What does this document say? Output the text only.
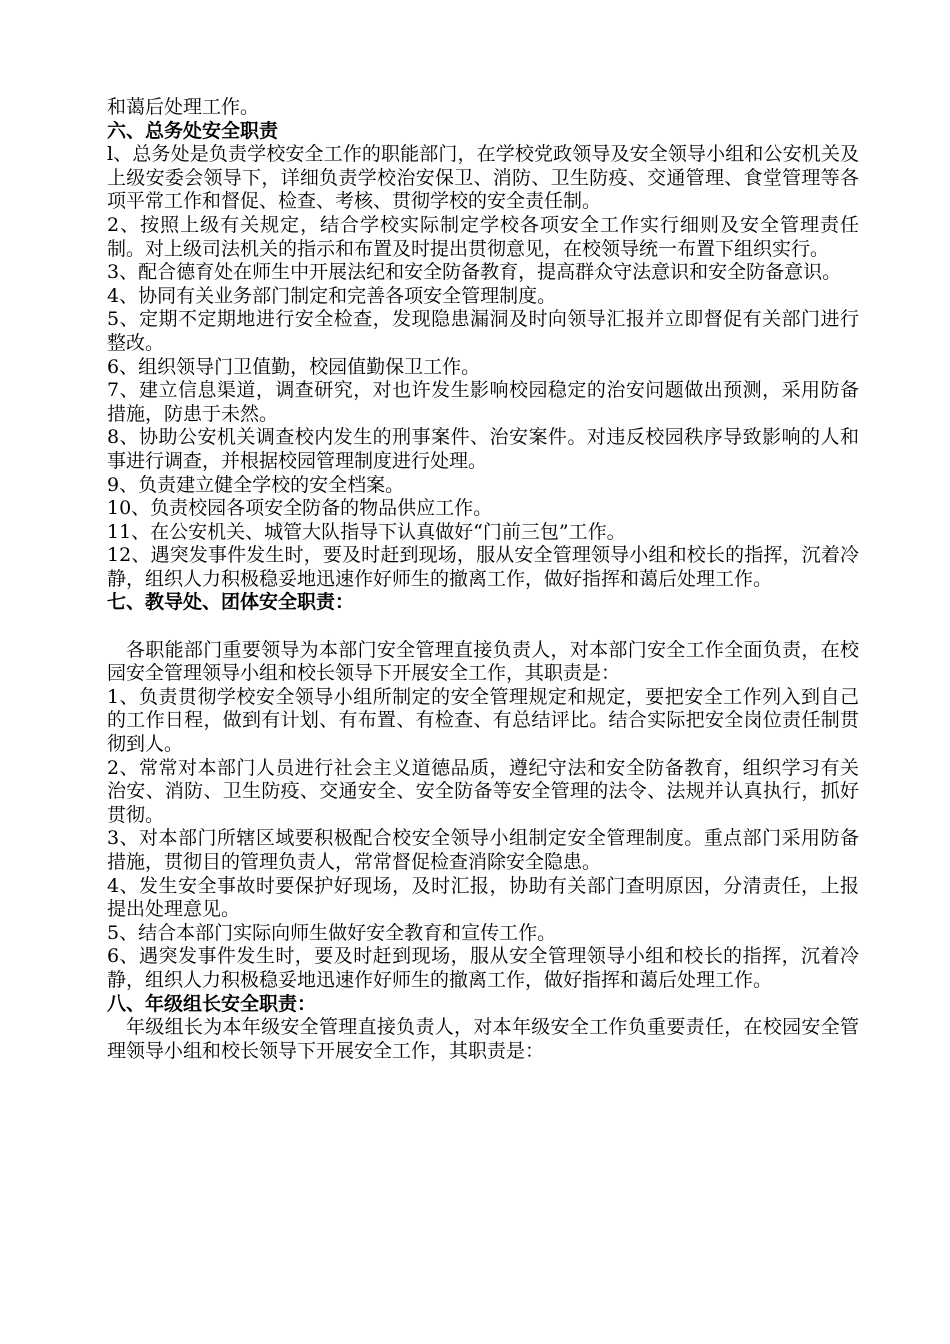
和蔼后处理工作。

六、总务处安全职责

l、总务处是负责学校安全工作的职能部门，在学校党政领导及安全领导小组和公安机关及上级安委会领导下，详细负责学校治安保卫、消防、卫生防疫、交通管理、食堂管理等各项平常工作和督促、检查、考核、贯彻学校的安全责任制。

2、按照上级有关规定，结合学校实际制定学校各项安全工作实行细则及安全管理责任制。对上级司法机关的指示和布置及时提出贯彻意见，在校领导统一布置下组织实行。

3、配合德育处在师生中开展法纪和安全防备教育，提高群众守法意识和安全防备意识。

4、协同有关业务部门制定和完善各项安全管理制度。

5、定期不定期地进行安全检查，发现隐患漏洞及时向领导汇报并立即督促有关部门进行整改。

6、组织领导门卫值勤，校园值勤保卫工作。

7、建立信息渠道，调查研究，对也许发生影响校园稳定的治安问题做出预测，采用防备措施，防患于未然。

8、协助公安机关调查校内发生的刑事案件、治安案件。对违反校园秩序导致影响的人和事进行调查，并根据校园管理制度进行处理。

9、负责建立健全学校的安全档案。

10、负责校园各项安全防备的物品供应工作。

11、在公安机关、城管大队指导下认真做好“门前三包”工作。

12、遇突发事件发生时，要及时赶到现场，服从安全管理领导小组和校长的指挥，沉着冷静，组织人力积极稳妥地迅速作好师生的撤离工作，做好指挥和蔼后处理工作。

七、教导处、团体安全职责：

各职能部门重要领导为本部门安全管理直接负责人，对本部门安全工作全面负责，在校园安全管理领导小组和校长领导下开展安全工作，其职责是：

1、负责贯彻学校安全领导小组所制定的安全管理规定和规定，要把安全工作列入到自己的工作日程，做到有计划、有布置、有检查、有总结评比。结合实际把安全岗位责任制贯彻到人。

2、常常对本部门人员进行社会主义道德品质，遵纪守法和安全防备教育，组织学习有关治安、消防、卫生防疫、交通安全、安全防备等安全管理的法令、法规并认真执行，抓好贯彻。

3、对本部门所辖区域要积极配合校安全领导小组制定安全管理制度。重点部门采用防备措施，贯彻目的管理负责人，常常督促检查消除安全隐患。

4、发生安全事故时要保护好现场，及时汇报，协助有关部门查明原因，分清责任，上报提出处理意见。

5、结合本部门实际向师生做好安全教育和宣传工作。

6、遇突发事件发生时，要及时赶到现场，服从安全管理领导小组和校长的指挥，沉着冷静，组织人力积极稳妥地迅速作好师生的撤离工作，做好指挥和蔼后处理工作。

八、年级组长安全职责：

年级组长为本年级安全管理直接负责人，对本年级安全工作负重要责任，在校园安全管理领导小组和校长领导下开展安全工作，其职责是：
